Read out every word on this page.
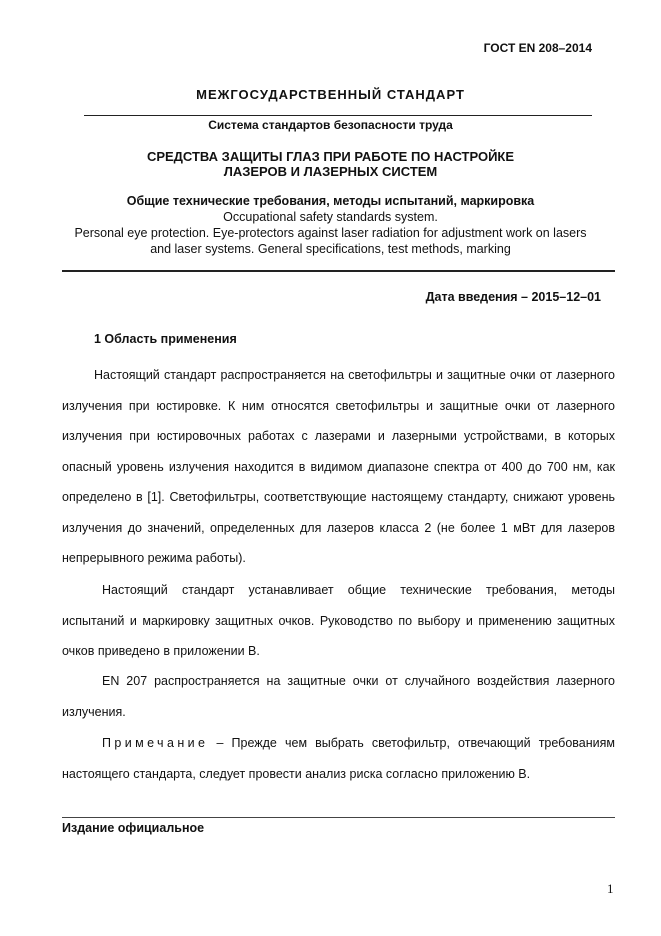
ГОСТ EN 208–2014
МЕЖГОСУДАРСТВЕННЫЙ СТАНДАРТ
Система стандартов безопасности труда
СРЕДСТВА ЗАЩИТЫ ГЛАЗ ПРИ РАБОТЕ ПО НАСТРОЙКЕ
ЛАЗЕРОВ И ЛАЗЕРНЫХ СИСТЕМ
Общие технические требования, методы испытаний, маркировка
Occupational safety standards system.
Personal eye protection. Eye-protectors against laser radiation for adjustment work on lasers
and laser systems. General specifications, test methods, marking
Дата введения – 2015–12–01
1 Область применения

Настоящий стандарт распространяется на светофильтры и защитные очки от лазерного излучения при юстировке. К ним относятся светофильтры и защитные очки от лазерного излучения при юстировочных работах с лазерами и лазерными устройствами, в которых опасный уровень излучения находится в видимом диапазоне спектра от 400 до 700 нм, как определено в [1]. Светофильтры, соответствующие настоящему стандарту, снижают уровень излучения до значений, определенных для лазеров класса 2 (не более 1 мВт для лазеров непрерывного режима работы).

Настоящий стандарт устанавливает общие технические требования, методы испытаний и маркировку защитных очков. Руководство по выбору и применению защитных очков приведено в приложении В.

EN 207 распространяется на защитные очки от случайного воздействия лазерного излучения.

Примечание – Прежде чем выбрать светофильтр, отвечающий требованиям настоящего стандарта, следует провести анализ риска согласно приложению В.

Издание официальное
1
